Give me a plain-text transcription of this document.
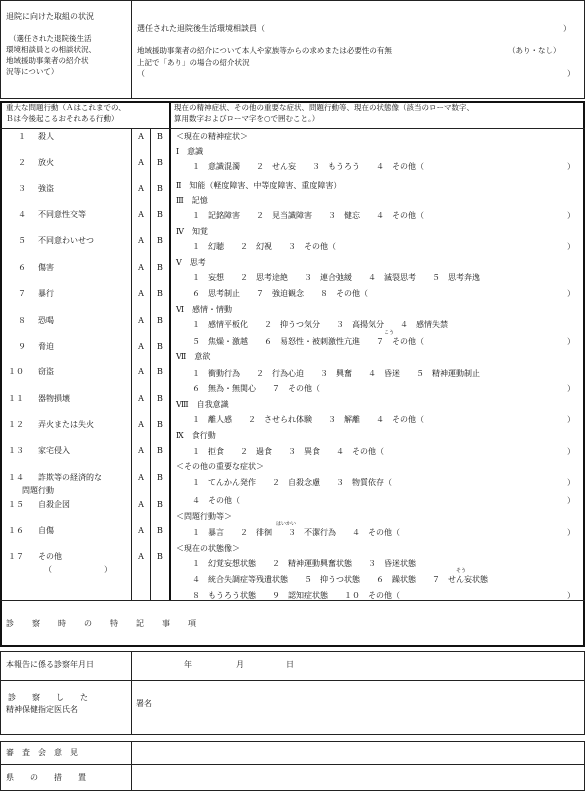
退院に向けた取組の状況
（選任された退院後生活
環境相談員との相談状況、
地域援助事業者の紹介状
況等について）
選任された退院後生活環境相談員（	）
地域援助事業者の紹介について本人や家族等からの求めまたは必要性の有無	（あり・なし）
上記で「あり」の場合の紹介状況
（	）
重大な問題行動（Ａはこれまでの、
Ｂは今後起こるおそれある行動）
現在の精神症状、その他の重要な症状、問題行動等、現在の状態像（該当のローマ数字、
算用数字およびローマ字を○で囲むこと。）
１ 殺人	A	B
２ 放火	A	B
３ 強盗	A	B
４ 不同意性交等	A	B
５ 不同意わいせつ	A	B
６ 傷害	A	B
７ 暴行	A	B
８ 恐喝	A	B
９ 脅迫	A	B
１０ 窃盗	A	B
１１ 器物損壊	A	B
１２ 弄火または失火	A	B
１３ 家宅侵入	A	B
１４ 詐欺等の経済的な	A	B
１５ 自殺企図	A	B
１６ 自傷	A	B
１７ その他	A	B
問題行動
（	）
＜現在の精神症状＞
Ⅰ　意識
　　１　意識混濁　　２　せん妄　　３　もうろう　　４　その他（	）
Ⅱ　知能（軽度障害、中等度障害、重度障害）
Ⅲ　記憶
　　１　記銘障害　　２　見当識障害　　３　健忘　　４　その他（	）
Ⅳ　知覚
　　１　幻聴　　２　幻視　　３　その他（	）
Ⅴ　思考
　　１　妄想　　２　思考途絶　　３　連合弛緩　　４　滅裂思考　　５　思考奔逸
　　６　思考制止　　７　強迫観念　　８　その他（	）
Ⅵ　感情・情動
　　１　感情平板化　　２　抑うつ気分　　３　高揚気分　　４　感情失禁
　　５　焦燥・激越　　６　易怒性・被刺激性亢進　　７　その他（	）
Ⅶ　意欲
　　１　衝動行為　　２　行為心迫　　３　興奮　　４　昏迷　　５　精神運動制止
　　６　無為・無関心　　７　その他（	）
Ⅷ　自我意識
　　１　離人感　　２　させられ体験　　３　解離　　４　その他（	）
Ⅸ　食行動
　　１　拒食　　２　過食　　３　異食　　４　その他（	）
＜その他の重要な症状＞
　　１　てんかん発作　　２　自殺念慮　　３　物質依存（	）
　　４　その他（	）
＜問題行動等＞
　　１　暴言　　２　徘徊　　３　不潔行為　　４　その他（	）
＜現在の状態像＞
　　１　幻覚妄想状態　　２　精神運動興奮状態　　３　昏迷状態
　　４　統合失調症等残遺状態　　５　抑うつ状態　　６　躁状態　　７　せん妄状態
　　８　もうろう状態　　９　認知症状態　　１０　その他（	）
こう
はいかい
そう
診　察　時　の　特　記　事　項
本報告に係る診察年月日	年	月	日
診　　察　　し　　た
精神保健指定医氏名
署名
審　査　会　意　見
県　　の　　措　　置
